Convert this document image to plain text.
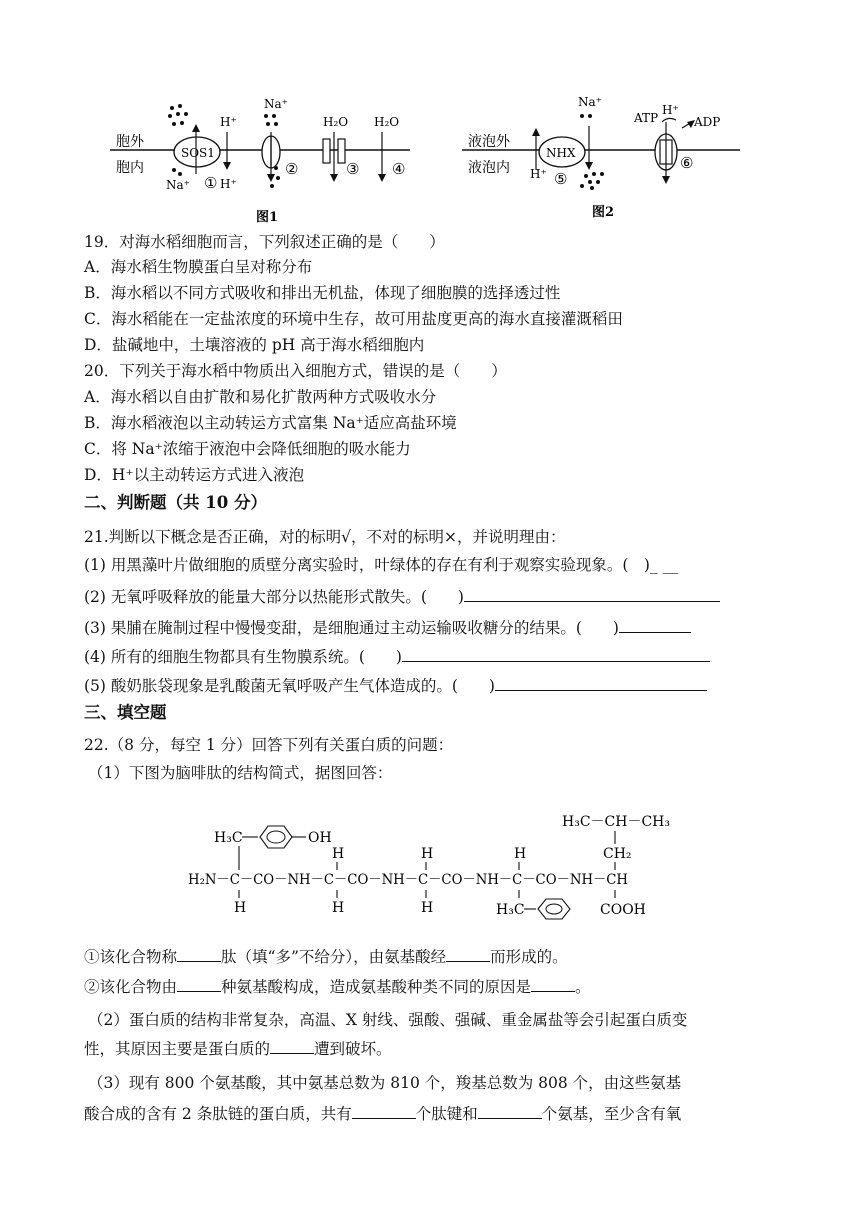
胞外
胞内
SOS1
Na⁺ ①
H⁺
H⁺
Na⁺
②
H₂O
③
H₂O
④
图1
液泡外
液泡内 H⁺
NHX
Na⁺
⑤
ATP
H⁺
ADP
⑥
图2
19．对海水稻细胞而言，下列叙述正确的是（　　）
A．海水稻生物膜蛋白呈对称分布
B．海水稻以不同方式吸收和排出无机盐，体现了细胞膜的选择透过性
C．海水稻能在一定盐浓度的环境中生存，故可用盐度更高的海水直接灌溉稻田
D．盐碱地中，土壤溶液的 pH 高于海水稻细胞内
20．下列关于海水稻中物质出入细胞方式，错误的是（　　）
A．海水稻以自由扩散和易化扩散两种方式吸收水分
B．海水稻液泡以主动转运方式富集 Na⁺适应高盐环境
C．将 Na⁺浓缩于液泡中会降低细胞的吸水能力
D．H⁺以主动转运方式进入液泡
二、判断题（共 10 分）
21.判断以下概念是否正确，对的标明√，不对的标明×，并说明理由：
(1) 用黑藻叶片做细胞的质壁分离实验时，叶绿体的存在有利于观察实验现象。(　)_ __
(2) 无氧呼吸释放的能量大部分以热能形式散失。(　　)
(3) 果脯在腌制过程中慢慢变甜，是细胞通过主动运输吸收糖分的结果。(　　)
(4) 所有的细胞生物都具有生物膜系统。(　　)
(5) 酸奶胀袋现象是乳酸菌无氧呼吸产生气体造成的。(　　)
三、填空题
22.（8 分，每空 1 分）回答下列有关蛋白质的问题：
（1）下图为脑啡肽的结构简式，据图回答：
H₃C－CH－CH₃
CH₂
H₃C	OH
H	H	H
H₂N－C－CO－NH－C－CO－NH－C－CO－NH－C－CO－NH－CH
H	H	H	H₃C	COOH
①该化合物称	肽（填“多”不给分），由氨基酸经	而形成的。
②该化合物由	种氨基酸构成，造成氨基酸种类不同的原因是	。
（2）蛋白质的结构非常复杂，高温、X 射线、强酸、强碱、重金属盐等会引起蛋白质变
性，其原因主要是蛋白质的	遭到破坏。
（3）现有 800 个氨基酸，其中氨基总数为 810 个，羧基总数为 808 个，由这些氨基
酸合成的含有 2 条肽链的蛋白质，共有	个肽键和	个氨基，至少含有氧
